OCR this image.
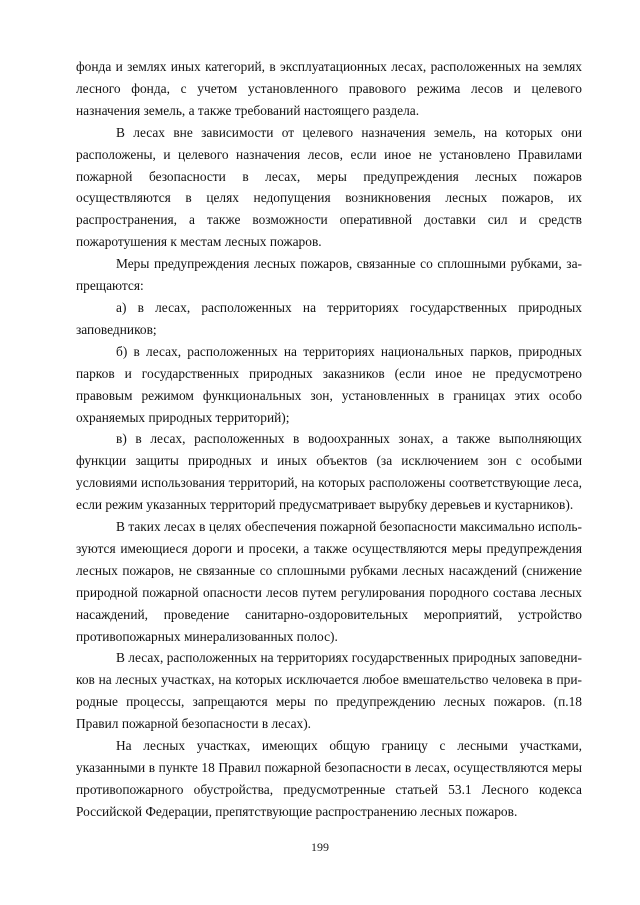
фонда и землях иных категорий, в эксплуатационных лесах, расположенных на землях лесного фонда, с учетом установленного правового режима лесов и целевого назначения земель, а также требований настоящего раздела.

В лесах вне зависимости от целевого назначения земель, на которых они расположены, и целевого назначения лесов, если иное не установлено Правилами пожарной безопасности в лесах, меры предупреждения лесных пожаров осуществляются в целях недопущения возникновения лесных пожаров, их распространения, а также возможности оперативной доставки сил и средств пожаротушения к местам лесных пожаров.

Меры предупреждения лесных пожаров, связанные со сплошными рубками, запрещаются:

а) в лесах, расположенных на территориях государственных природных заповедников;

б) в лесах, расположенных на территориях национальных парков, природных парков и государственных природных заказников (если иное не предусмотрено правовым режимом функциональных зон, установленных в границах этих особо охраняемых природных территорий);

в) в лесах, расположенных в водоохранных зонах, а также выполняющих функции защиты природных и иных объектов (за исключением зон с особыми условиями использования территорий, на которых расположены соответствующие леса, если режим указанных территорий предусматривает вырубку деревьев и кустарников).

В таких лесах в целях обеспечения пожарной безопасности максимально используются имеющиеся дороги и просеки, а также осуществляются меры предупреждения лесных пожаров, не связанные со сплошными рубками лесных насаждений (снижение природной пожарной опасности лесов путем регулирования породного состава лесных насаждений, проведение санитарно-оздоровительных мероприятий, устройство противопожарных минерализованных полос).

В лесах, расположенных на территориях государственных природных заповедников на лесных участках, на которых исключается любое вмешательство человека в природные процессы, запрещаются меры по предупреждению лесных пожаров. (п.18 Правил пожарной безопасности в лесах).

На лесных участках, имеющих общую границу с лесными участками, указанными в пункте 18 Правил пожарной безопасности в лесах, осуществляются меры противопожарного обустройства, предусмотренные статьей 53.1 Лесного кодекса Российской Федерации, препятствующие распространению лесных пожаров.

199
